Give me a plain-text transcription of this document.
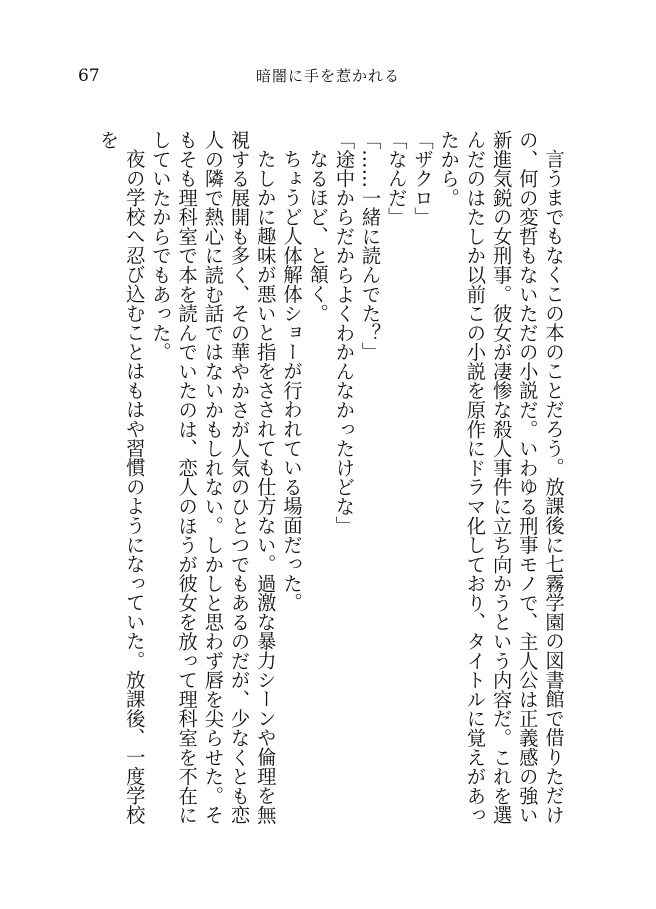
67	暗闇に手を惹かれる

言うまでもなくこの本のことだろう。放課後に七霧学園の図書館で借りただけの、何の変哲もないただの小説だ。いわゆる刑事モノで、主人公は正義感の強い新進気鋭の女刑事。彼女が凄惨な殺人事件に立ち向かうという内容だ。これを選んだのはたしか以前この小説を原作にドラマ化しており、タイトルに覚えがあったから。

「ザクロ」

「なんだ」

「……一緒に読んでた？」

「途中からだからよくわかんなかったけどな」

なるほど、と頷く。

ちょうど人体解体ショーが行われている場面だった。

たしかに趣味が悪いと指をさされても仕方ない。過激な暴力シーンや倫理を無視する展開も多く、その華やかさが人気のひとつでもあるのだが、少なくとも恋人の隣で熱心に読む話ではないかもしれない。しかしと思わず唇を尖らせた。そもそも理科室で本を読んでいたのは、恋人のほうが彼女を放って理科室を不在にしていたからでもあった。

夜の学校へ忍び込むことはもはや習慣のようになっていた。放課後、一度学校を
